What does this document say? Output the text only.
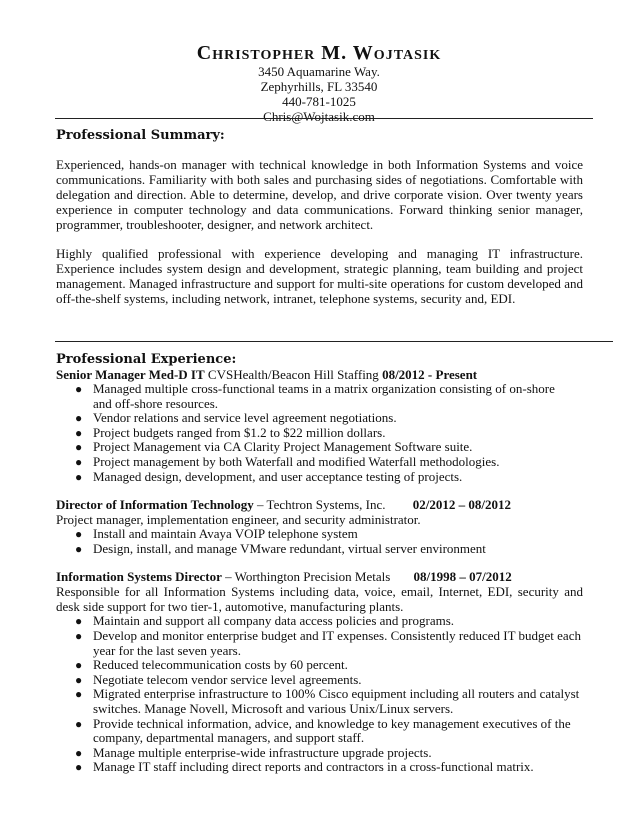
Christopher M. Wojtasik
3450 Aquamarine Way.
Zephyrhills, FL 33540
440-781-1025
Chris@Wojtasik.com
Professional Summary:

Experienced, hands-on manager with technical knowledge in both Information Systems and voice communications. Familiarity with both sales and purchasing sides of negotiations. Comfortable with delegation and direction. Able to determine, develop, and drive corporate vision. Over twenty years experience in computer technology and data communications. Forward thinking senior manager, programmer, troubleshooter, designer, and network architect.

Highly qualified professional with experience developing and managing IT infrastructure. Experience includes system design and development, strategic planning, team building and project management. Managed infrastructure and support for multi-site operations for custom developed and off-the-shelf systems, including network, intranet, telephone systems, security and, EDI.

Professional Experience:
Senior Manager Med-D IT CVSHealth/Beacon Hill Staffing 08/2012 - Present
● Managed multiple cross-functional teams in a matrix organization consisting of on-shore and off-shore resources.
● Vendor relations and service level agreement negotiations.
● Project budgets ranged from $1.2 to $22 million dollars.
● Project Management via CA Clarity Project Management Software suite.
● Project management by both Waterfall and modified Waterfall methodologies.
● Managed design, development, and user acceptance testing of projects.
Director of Information Technology – Techtron Systems, Inc. 02/2012 – 08/2012
Project manager, implementation engineer, and security administrator.
● Install and maintain Avaya VOIP telephone system
● Design, install, and manage VMware redundant, virtual server environment
Information Systems Director – Worthington Precision Metals 08/1998 – 07/2012

Responsible for all Information Systems including data, voice, email, Internet, EDI, security and desk side support for two tier-1, automotive, manufacturing plants.

● Maintain and support all company data access policies and programs.
● Develop and monitor enterprise budget and IT expenses. Consistently reduced IT budget each year for the last seven years.
● Reduced telecommunication costs by 60 percent.
● Negotiate telecom vendor service level agreements.
● Migrated enterprise infrastructure to 100% Cisco equipment including all routers and catalyst switches. Manage Novell, Microsoft and various Unix/Linux servers.
● Provide technical information, advice, and knowledge to key management executives of the company, departmental managers, and support staff.
● Manage multiple enterprise-wide infrastructure upgrade projects.
● Manage IT staff including direct reports and contractors in a cross-functional matrix.
